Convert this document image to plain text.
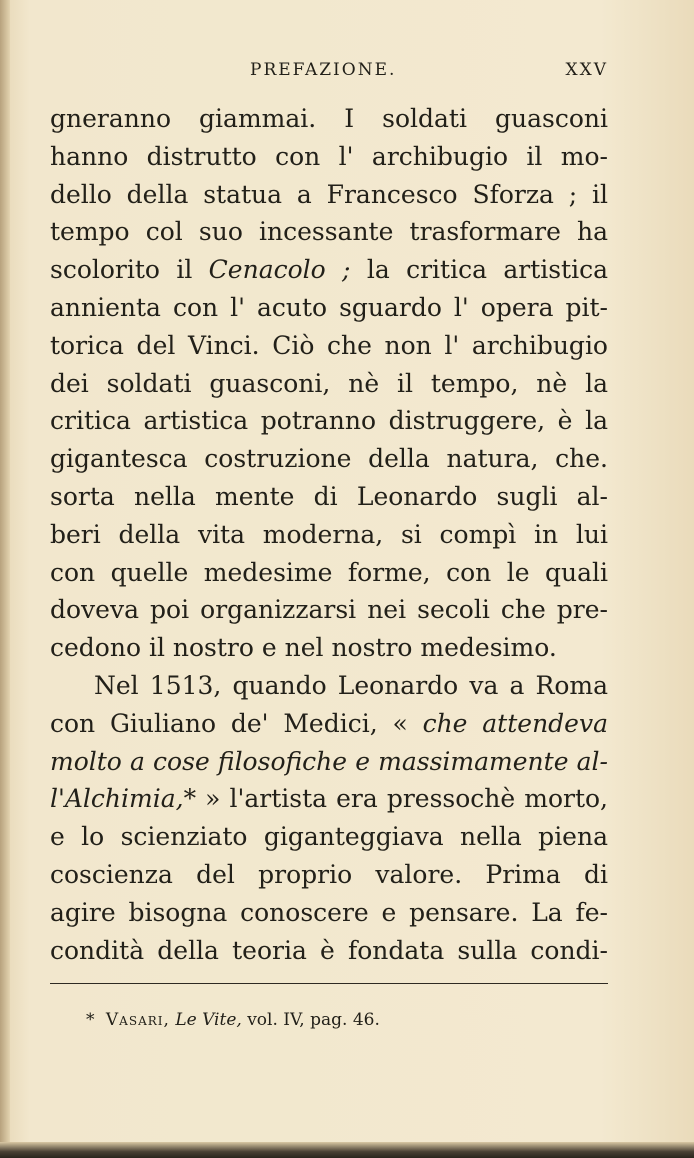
PREFAZIONE.	XXV
gneranno giammai. I soldati guasconi
hanno distrutto con l' archibugio il mo-
dello della statua a Francesco Sforza ; il
tempo col suo incessante trasformare ha
scolorito il Cenacolo ; la critica artistica
annienta con l' acuto sguardo l' opera pit-
torica del Vinci. Ciò che non l' archibugio
dei soldati guasconi, nè il tempo, nè la
critica artistica potranno distruggere, è la
gigantesca costruzione della natura, che.
sorta nella mente di Leonardo sugli al-
beri della vita moderna, si compì in lui
con quelle medesime forme, con le quali
doveva poi organizzarsi nei secoli che pre-
cedono il nostro e nel nostro medesimo.
Nel 1513, quando Leonardo va a Roma
con Giuliano de' Medici, « che attendeva
molto a cose filosofiche e massimamente al-
l'Alchimia,* » l'artista era pressochè morto,
e lo scienziato giganteggiava nella piena
coscienza del proprio valore. Prima di
agire bisogna conoscere e pensare. La fe-
condità della teoria è fondata sulla condi-
* Vasari, Le Vite, vol. IV, pag. 46.
